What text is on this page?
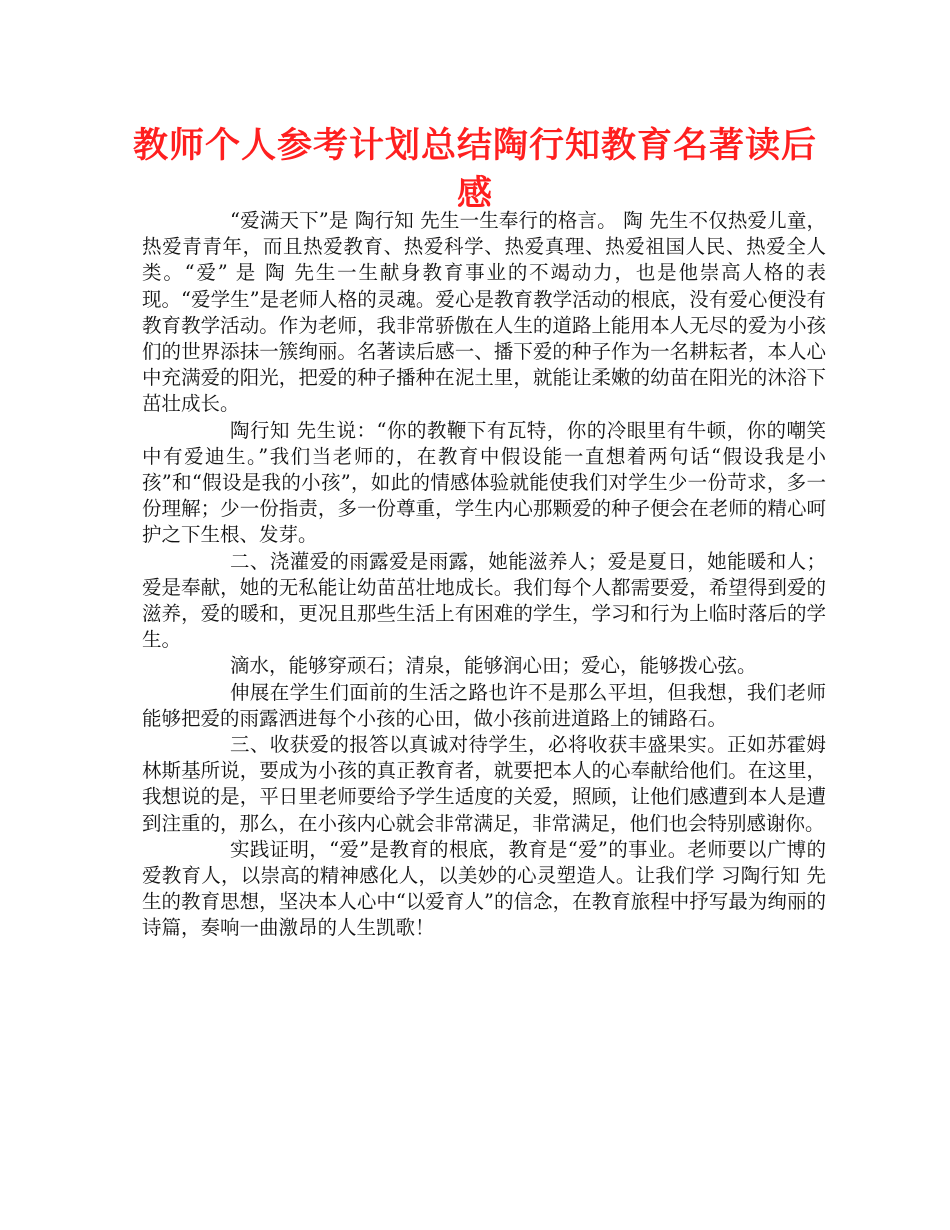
教师个人参考计划总结陶行知教育名著读后感

“爱满天下”是 陶行知 先生一生奉行的格言。 陶 先生不仅热爱儿童，热爱青青年，而且热爱教育、热爱科学、热爱真理、热爱祖国人民、热爱全人类。“爱” 是 陶 先生一生献身教育事业的不竭动力，也是他崇高人格的表现。“爱学生”是老师人格的灵魂。爱心是教育教学活动的根底，没有爱心便没有教育教学活动。作为老师，我非常骄傲在人生的道路上能用本人无尽的爱为小孩们的世界添抹一簇绚丽。名著读后感一、播下爱的种子作为一名耕耘者，本人心中充满爱的阳光，把爱的种子播种在泥土里，就能让柔嫩的幼苗在阳光的沐浴下茁壮成长。

陶行知 先生说：“你的教鞭下有瓦特，你的冷眼里有牛顿，你的嘲笑中有爱迪生。”我们当老师的，在教育中假设能一直想着两句话“假设我是小孩”和“假设是我的小孩”，如此的情感体验就能使我们对学生少一份苛求，多一份理解；少一份指责，多一份尊重，学生内心那颗爱的种子便会在老师的精心呵护之下生根、发芽。

二、浇灌爱的雨露爱是雨露，她能滋养人；爱是夏日，她能暖和人；爱是奉献，她的无私能让幼苗茁壮地成长。我们每个人都需要爱，希望得到爱的滋养，爱的暖和，更况且那些生活上有困难的学生，学习和行为上临时落后的学生。

滴水，能够穿顽石；清泉，能够润心田；爱心，能够拨心弦。

伸展在学生们面前的生活之路也许不是那么平坦，但我想，我们老师能够把爱的雨露洒进每个小孩的心田，做小孩前进道路上的铺路石。

三、收获爱的报答以真诚对待学生，必将收获丰盛果实。正如苏霍姆林斯基所说，要成为小孩的真正教育者，就要把本人的心奉献给他们。在这里，我想说的是，平日里老师要给予学生适度的关爱，照顾，让他们感遭到本人是遭到注重的，那么，在小孩内心就会非常满足，非常满足，他们也会特别感谢你。

实践证明，“爱”是教育的根底，教育是“爱”的事业。老师要以广博的爱教育人，以崇高的精神感化人，以美妙的心灵塑造人。让我们学 习陶行知 先生的教育思想，坚决本人心中“以爱育人”的信念，在教育旅程中抒写最为绚丽的诗篇，奏响一曲激昂的人生凯歌！
